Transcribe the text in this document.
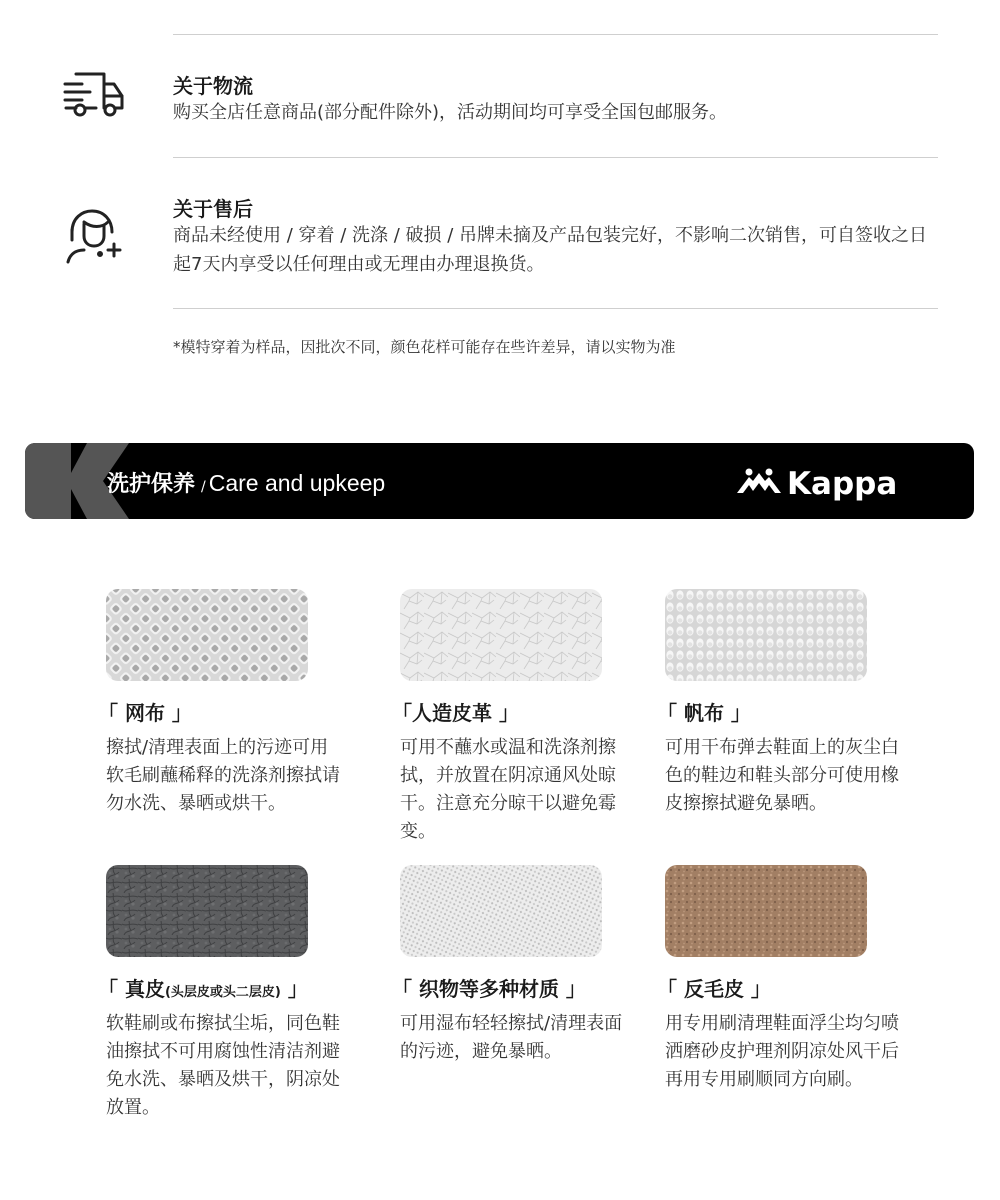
关于物流
购买全店任意商品(部分配件除外)，活动期间均可享受全国包邮服务。
关于售后
商品未经使用 / 穿着 / 洗涤 / 破损 / 吊牌未摘及产品包装完好，不影响二次销售，可自签收之日起7天内享受以任何理由或无理由办理退换货。
*模特穿着为样品，因批次不同，颜色花样可能存在些许差异，请以实物为准
洗护保养 / Care and upkeep	Kappa
「 网布 」
擦拭/清理表面上的污迹可用软毛刷蘸稀释的洗涤剂擦拭请勿水洗、暴晒或烘干。
「人造皮革 」
可用不蘸水或温和洗涤剂擦拭，并放置在阴凉通风处晾干。注意充分晾干以避免霉变。
「 帆布 」
可用干布弹去鞋面上的灰尘白色的鞋边和鞋头部分可使用橡皮擦擦拭避免暴晒。
「 真皮(头层皮或头二层皮) 」
软鞋刷或布擦拭尘垢，同色鞋油擦拭不可用腐蚀性清洁剂避免水洗、暴晒及烘干，阴凉处放置。
「 织物等多种材质 」
可用湿布轻轻擦拭/清理表面的污迹，避免暴晒。
「 反毛皮 」
用专用刷清理鞋面浮尘均匀喷洒磨砂皮护理剂阴凉处风干后再用专用刷顺同方向刷。
